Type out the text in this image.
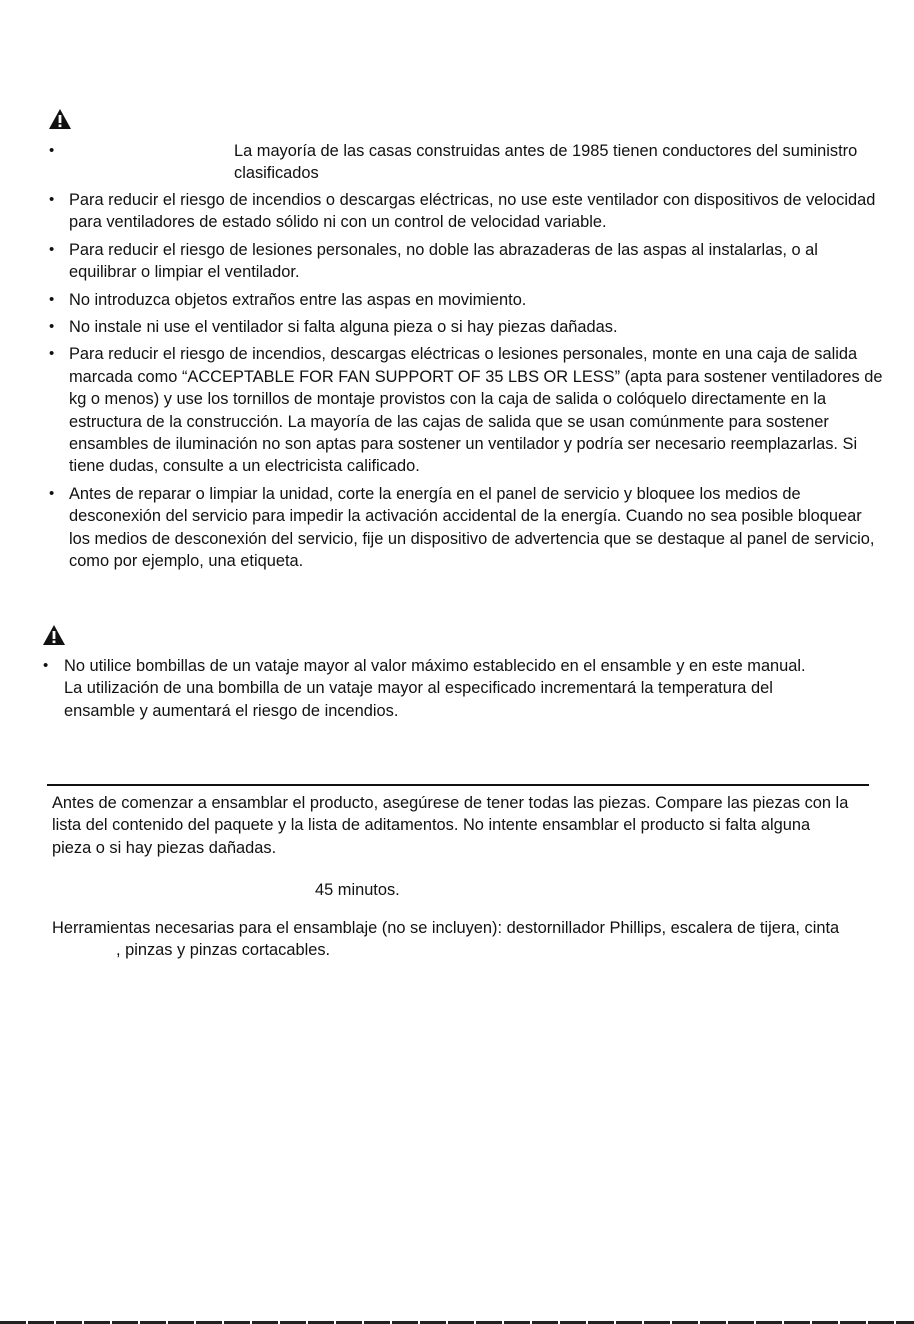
•	La mayoría de las casas construidas antes de 1985 tienen conductores del suministro clasificados
• Para reducir el riesgo de incendios o descargas eléctricas, no use este ventilador con dispositivos de velocidad para ventiladores de estado sólido ni con un control de velocidad variable.
• Para reducir el riesgo de lesiones personales, no doble las abrazaderas de las aspas al instalarlas, o al equilibrar o limpiar el ventilador.
• No introduzca objetos extraños entre las aspas en movimiento.
• No instale ni use el ventilador si falta alguna pieza o si hay piezas dañadas.
• Para reducir el riesgo de incendios, descargas eléctricas o lesiones personales, monte en una caja de salida marcada como “ACCEPTABLE FOR FAN SUPPORT OF 35 LBS OR LESS” (apta para sostener ventiladores de kg o menos) y use los tornillos de montaje provistos con la caja de salida o colóquelo directamente en la estructura de la construcción. La mayoría de las cajas de salida que se usan comúnmente para sostener ensambles de iluminación no son aptas para sostener un ventilador y podría ser necesario reemplazarlas. Si tiene dudas, consulte a un electricista calificado.
• Antes de reparar o limpiar la unidad, corte la energía en el panel de servicio y bloquee los medios de desconexión del servicio para impedir la activación accidental de la energía. Cuando no sea posible bloquear los medios de desconexión del servicio, fije un dispositivo de advertencia que se destaque al panel de servicio, como por ejemplo, una etiqueta.
• No utilice bombillas de un vataje mayor al valor máximo establecido en el ensamble y en este manual. La utilización de una bombilla de un vataje mayor al especificado incrementará la temperatura del ensamble y aumentará el riesgo de incendios.
Antes de comenzar a ensamblar el producto, asegúrese de tener todas las piezas. Compare las piezas con la lista del contenido del paquete y la lista de aditamentos. No intente ensamblar el producto si falta alguna pieza o si hay piezas dañadas.
45 minutos.
Herramientas necesarias para el ensamblaje (no se incluyen): destornillador Phillips, escalera de tijera, cinta, pinzas y pinzas cortacables.
